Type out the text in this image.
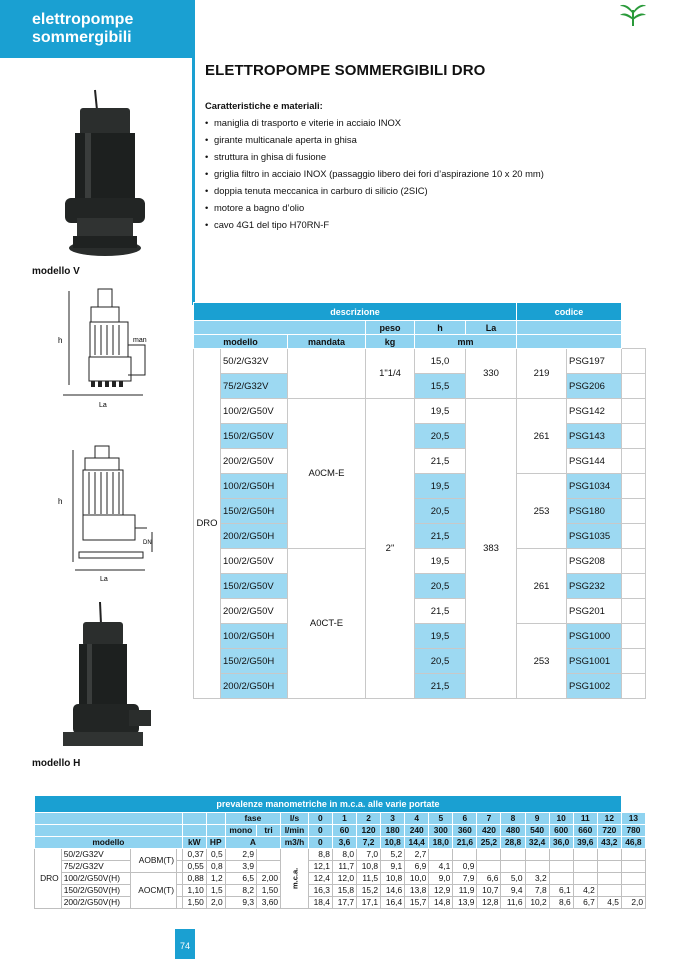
elettropompe
sommergibili
ELETTROPOMPE SOMMERGIBILI DRO
Caratteristiche e materiali:
• maniglia di trasporto e viterie in acciaio INOX
• girante multicanale aperta in ghisa
• struttura in ghisa di fusione
• griglia filtro in acciaio INOX (passaggio libero dei fori d’aspirazione 10 x 20 mm)
• doppia tenuta meccanica in carburo di silicio (2SIC)
• motore a bagno d’olio
• cavo 4G1 del tipo H70RN-F
modello V
h	man
La
h
DN
La
modello H
descrizione						codice		
			peso	h	La			
modello		mandata	kg	mm				
DRO	50/2/G32V		1"1/4	15,0	330	219	PSG197	
	75/2/G32V			15,5			PSG206	
	100/2/G50V	A0CM-E	2"	19,5	383	261	PSG142	
	150/2/G50V			20,5			PSG143	
	200/2/G50V			21,5			PSG144	
	100/2/G50H			19,5		253	PSG1034	
	150/2/G50H			20,5			PSG180	
	200/2/G50H			21,5			PSG1035	
	100/2/G50V	A0CT-E		19,5		261	PSG208	
	150/2/G50V			20,5			PSG232	
	200/2/G50V			21,5			PSG201	
	100/2/G50H			19,5		253	PSG1000	
	150/2/G50H			20,5			PSG1001	
	200/2/G50H			21,5			PSG1002	
prevalenze manometriche in m.c.a. alle varie portate																						
						fase		l/s	0	1	2	3	4	5	6	7	8	9	10	11	12	13
						mono	tri	l/min	0	60	120	180	240	300	360	420	480	540	600	660	720	780
modello				kW	HP	A		m3/h	0	3,6	7,2	10,8	14,4	18,0	21,6	25,2	28,8	32,4	36,0	39,6	43,2	46,8
DRO	50/2/G32V	AOBM(T)		0,37	0,5	2,9		m.c.a.	8,8	8,0	7,0	5,2	2,7									
	75/2/G32V			0,55	0,8	3,9			12,1	11,7	10,8	9,1	6,9	4,1	0,9							
	100/2/G50V(H)	AOCM(T)		0,88	1,2	6,5	2,00		12,4	12,0	11,5	10,8	10,0	9,0	7,9	6,6	5,0	3,2				
	150/2/G50V(H)			1,10	1,5	8,2	1,50		16,3	15,8	15,2	14,6	13,8	12,9	11,9	10,7	9,4	7,8	6,1	4,2		
	200/2/G50V(H)			1,50	2,0	9,3	3,60		18,4	17,7	17,1	16,4	15,7	14,8	13,9	12,8	11,6	10,2	8,6	6,7	4,5	2,0
74
